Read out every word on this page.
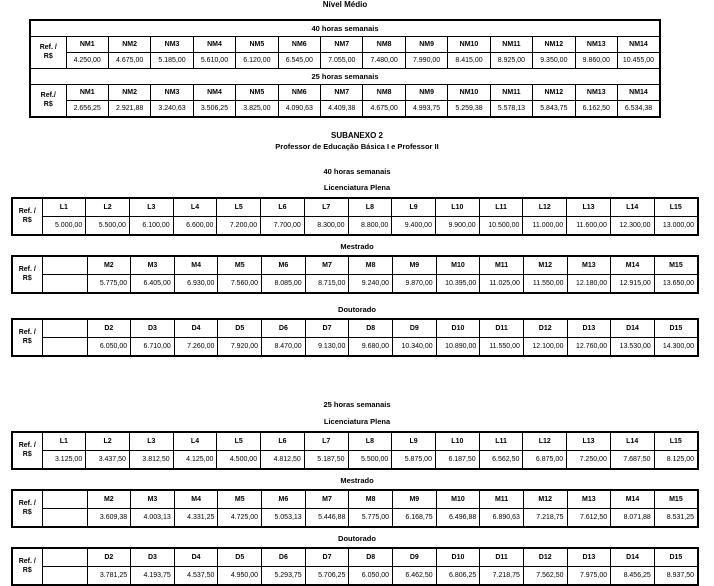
Nível Médio
40 horas semanais														

Ref. /
R$	NM1	NM2	NM3	NM4	NM5	NM6	NM7	NM8	NM9	NM10	NM11	NM12	NM13	NM14
	4.250,00	4.675,00	5.185,00	5.610,00	6.120,00	6.545,00	7.055,00	7.480,00	7.990,00	8.415,00	8.925,00	9.350,00	9.860,00	10.455,00
25 horas semanais														

Ref./
R$	NM1	NM2	NM3	NM4	NM5	NM6	NM7	NM8	NM9	NM10	NM11	NM12	NM13	NM14
	2.656,25	2.921,88	3.240,63	3.506,25	3.825,00	4.090,63	4.409,38	4.675,00	4.993,75	5.259,38	5.578,13	5.843,75	6.162,50	6.534,38
SUBANEXO 2
Professor de Educação Básica I e Professor II
40 horas semanais
Licenciatura Plena
Ref. /
R$	L1	L2	L3	L4	L5	L6	L7	L8	L9	L10	L11	L12	L13	L14	L15
	5.000,00	5.500,00	6.100,00	6.600,00	7.200,00	7.700,00	8.300,00	8.800,00	9.400,00	9.900,00	10.500,00	11.000,00	11.600,00	12.300,00	13.000,00
Mestrado
Ref. /
R$		M2	M3	M4	M5	M6	M7	M8	M9	M10	M11	M12	M13	M14	M15
		5.775,00	6.405,00	6.930,00	7.560,00	8.085,00	8.715,00	9.240,00	9.870,00	10.395,00	11.025,00	11.550,00	12.180,00	12.915,00	13.650,00
Doutorado
Ref. /
R$		D2	D3	D4	D5	D6	D7	D8	D9	D10	D11	D12	D13	D14	D15
		6.050,00	6.710,00	7.260,00	7.920,00	8.470,00	9.130,00	9.680,00	10.340,00	10.890,00	11.550,00	12.100,00	12.760,00	13.530,00	14.300,00
25 horas semanais
Licenciatura Plena
Ref. /
R$	L1	L2	L3	L4	L5	L6	L7	L8	L9	L10	L11	L12	L13	L14	L15
	3.125,00	3.437,50	3.812,50	4.125,00	4.500,00	4.812,50	5.187,50	5.500,00	5.875,00	6.187,50	6.562,50	6.875,00	7.250,00	7.687,50	8.125,00
Mestrado
Ref. /
R$		M2	M3	M4	M5	M6	M7	M8	M9	M10	M11	M12	M13	M14	M15
		3.609,38	4.003,13	4.331,25	4.725,00	5.053,13	5.446,88	5.775,00	6.168,75	6.496,88	6.890,63	7.218,75	7.612,50	8.071,88	8.531,25
Doutorado
Ref. /
R$		D2	D3	D4	D5	D6	D7	D8	D9	D10	D11	D12	D13	D14	D15
		3.781,25	4.193,75	4.537,50	4.950,00	5.293,75	5.706,25	6.050,00	6.462,50	6.806,25	7.218,75	7.562,50	7.975,00	8.456,25	8.937,50
